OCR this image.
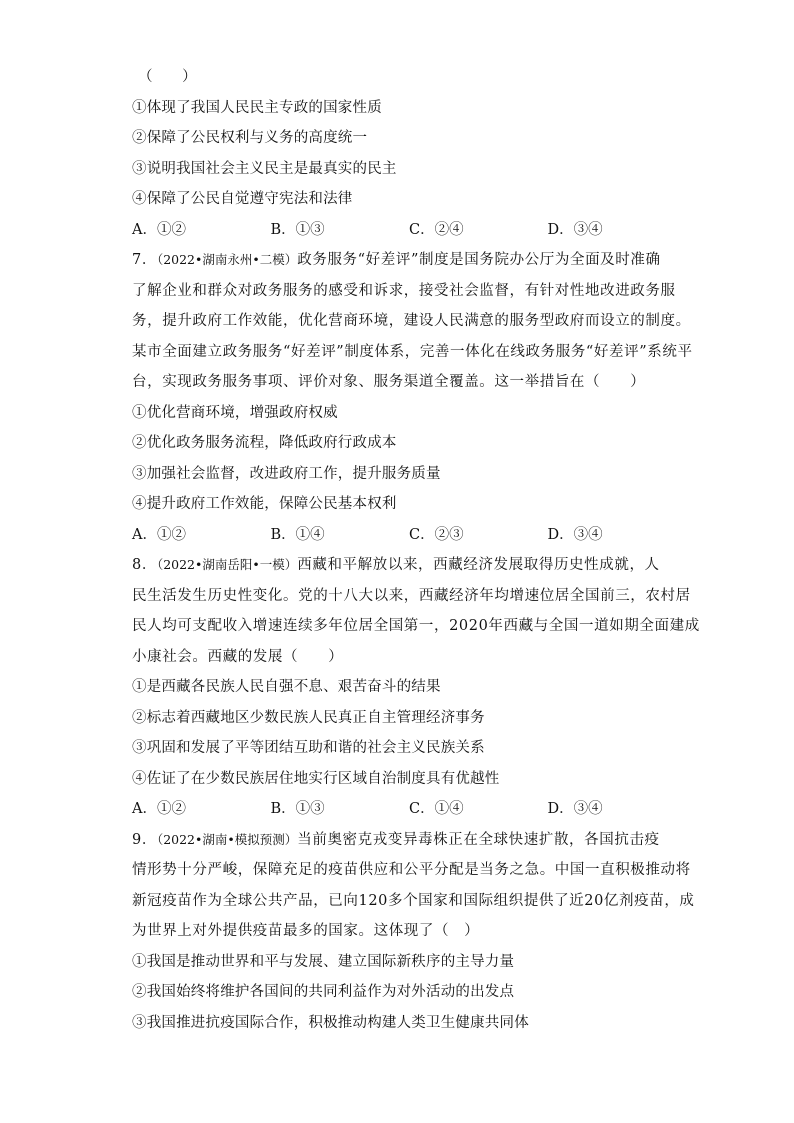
（　　）
①体现了我国人民民主专政的国家性质
②保障了公民权利与义务的高度统一
③说明我国社会主义民主是最真实的民主
④保障了公民自觉遵守宪法和法律
A．①②	B．①③	C．②④	D．③④
7．（2022•湖南永州•二模）政务服务“好差评”制度是国务院办公厅为全面及时准确
了解企业和群众对政务服务的感受和诉求，接受社会监督，有针对性地改进政务服
务，提升政府工作效能，优化营商环境，建设人民满意的服务型政府而设立的制度。
某市全面建立政务服务“好差评”制度体系，完善一体化在线政务服务“好差评”系统平
台，实现政务服务事项、评价对象、服务渠道全覆盖。这一举措旨在（　　）
①优化营商环境，增强政府权威
②优化政务服务流程，降低政府行政成本
③加强社会监督，改进政府工作，提升服务质量
④提升政府工作效能，保障公民基本权利
A．①②	B．①④	C．②③	D．③④
8．（2022•湖南岳阳•一模）西藏和平解放以来，西藏经济发展取得历史性成就，人
民生活发生历史性变化。党的十八大以来，西藏经济年均增速位居全国前三，农村居
民人均可支配收入增速连续多年位居全国第一，2020年西藏与全国一道如期全面建成
小康社会。西藏的发展（　　）
①是西藏各民族人民自强不息、艰苦奋斗的结果
②标志着西藏地区少数民族人民真正自主管理经济事务
③巩固和发展了平等团结互助和谐的社会主义民族关系
④佐证了在少数民族居住地实行区域自治制度具有优越性
A．①②	B．①③	C．①④	D．③④
9．（2022•湖南•模拟预测）当前奥密克戎变异毒株正在全球快速扩散，各国抗击疫
情形势十分严峻，保障充足的疫苗供应和公平分配是当务之急。中国一直积极推动将
新冠疫苗作为全球公共产品，已向120多个国家和国际组织提供了近20亿剂疫苗，成
为世界上对外提供疫苗最多的国家。这体现了（　）
①我国是推动世界和平与发展、建立国际新秩序的主导力量
②我国始终将维护各国间的共同利益作为对外活动的出发点
③我国推进抗疫国际合作，积极推动构建人类卫生健康共同体
